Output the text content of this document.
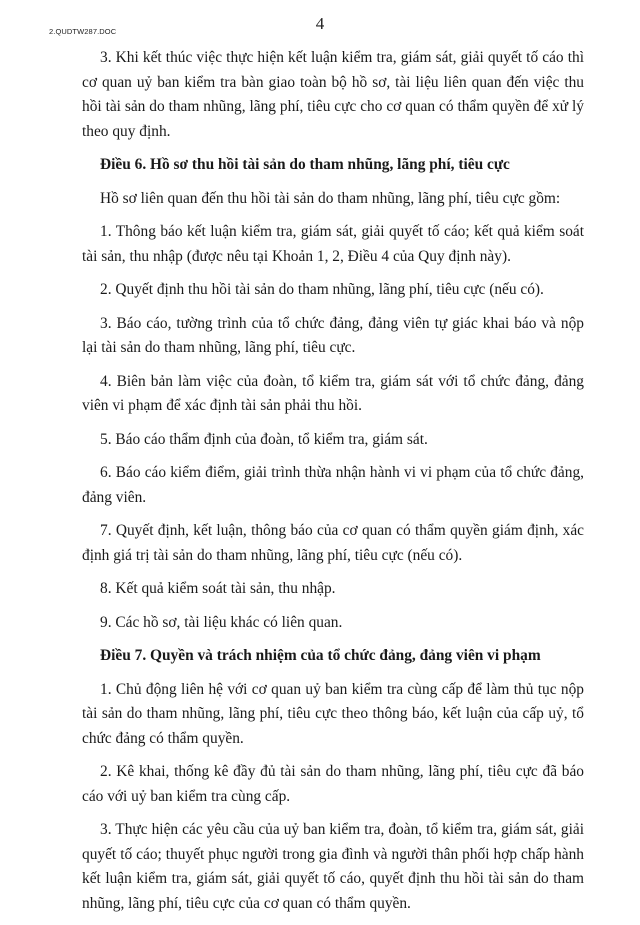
2.QUDTW287.DOC	4

3. Khi kết thúc việc thực hiện kết luận kiểm tra, giám sát, giải quyết tố cáo thì cơ quan uỷ ban kiểm tra bàn giao toàn bộ hồ sơ, tài liệu liên quan đến việc thu hồi tài sản do tham nhũng, lãng phí, tiêu cực cho cơ quan có thẩm quyền để xử lý theo quy định.

Điều 6. Hồ sơ thu hồi tài sản do tham nhũng, lãng phí, tiêu cực

Hồ sơ liên quan đến thu hồi tài sản do tham nhũng, lãng phí, tiêu cực gồm:

1. Thông báo kết luận kiểm tra, giám sát, giải quyết tố cáo; kết quả kiểm soát tài sản, thu nhập (được nêu tại Khoản 1, 2, Điều 4 của Quy định này).

2. Quyết định thu hồi tài sản do tham nhũng, lãng phí, tiêu cực (nếu có).

3. Báo cáo, tường trình của tổ chức đảng, đảng viên tự giác khai báo và nộp lại tài sản do tham nhũng, lãng phí, tiêu cực.

4. Biên bản làm việc của đoàn, tổ kiểm tra, giám sát với tổ chức đảng, đảng viên vi phạm để xác định tài sản phải thu hồi.

5. Báo cáo thẩm định của đoàn, tổ kiểm tra, giám sát.

6. Báo cáo kiểm điểm, giải trình thừa nhận hành vi vi phạm của tổ chức đảng, đảng viên.

7. Quyết định, kết luận, thông báo của cơ quan có thẩm quyền giám định, xác định giá trị tài sản do tham nhũng, lãng phí, tiêu cực (nếu có).

8. Kết quả kiểm soát tài sản, thu nhập.

9. Các hồ sơ, tài liệu khác có liên quan.

Điều 7. Quyền và trách nhiệm của tổ chức đảng, đảng viên vi phạm

1. Chủ động liên hệ với cơ quan uỷ ban kiểm tra cùng cấp để làm thủ tục nộp tài sản do tham nhũng, lãng phí, tiêu cực theo thông báo, kết luận của cấp uỷ, tổ chức đảng có thẩm quyền.

2. Kê khai, thống kê đầy đủ tài sản do tham nhũng, lãng phí, tiêu cực đã báo cáo với uỷ ban kiểm tra cùng cấp.

3. Thực hiện các yêu cầu của uỷ ban kiểm tra, đoàn, tổ kiểm tra, giám sát, giải quyết tố cáo; thuyết phục người trong gia đình và người thân phối hợp chấp hành kết luận kiểm tra, giám sát, giải quyết tố cáo, quyết định thu hồi tài sản do tham nhũng, lãng phí, tiêu cực của cơ quan có thẩm quyền.
